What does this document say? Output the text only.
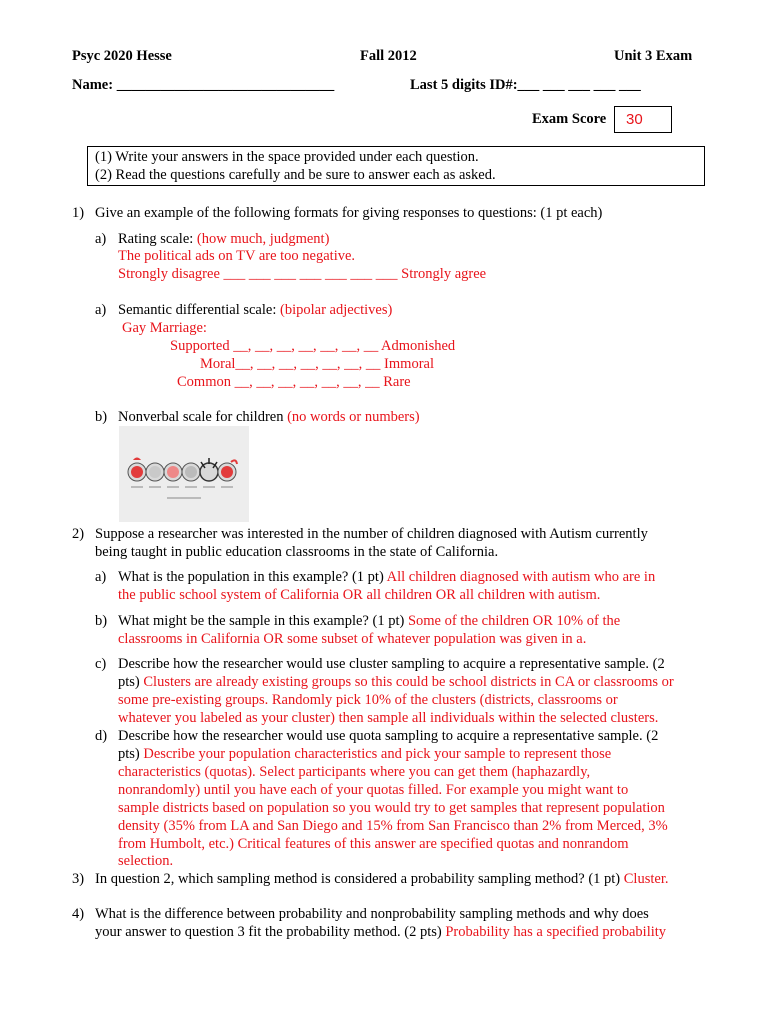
Psyc 2020 Hesse	Fall 2012	Unit 3 Exam
Name: ______________________________	Last 5 digits ID#:___ ___ ___ ___ ___
Exam Score 30
(1) Write your answers in the space provided under each question.
(2) Read the questions carefully and be sure to answer each as asked.
1) Give an example of the following formats for giving responses to questions: (1 pt each)
a) Rating scale: (how much, judgment)
The political ads on TV are too negative.
Strongly disagree ___ ___ ___ ___ ___ ___ ___ Strongly agree
a) Semantic differential scale: (bipolar adjectives)
Gay Marriage:
Supported __, __, __, __, __, __, __ Admonished
Moral__, __, __, __, __, __, __ Immoral
Common __, __, __, __, __, __, __ Rare
b) Nonverbal scale for children (no words or numbers)
2) Suppose a researcher was interested in the number of children diagnosed with Autism currently
being taught in public education classrooms in the state of California.
a) What is the population in this example? (1 pt) All children diagnosed with autism who are in
the public school system of California OR all children OR all children with autism.
b) What might be the sample in this example? (1 pt) Some of the children OR 10% of the
classrooms in California OR some subset of whatever population was given in a.
c) Describe how the researcher would use cluster sampling to acquire a representative sample. (2
pts) Clusters are already existing groups so this could be school districts in CA or classrooms or
some pre-existing groups. Randomly pick 10% of the clusters (districts, classrooms or
whatever you labeled as your cluster) then sample all individuals within the selected clusters.
d) Describe how the researcher would use quota sampling to acquire a representative sample. (2
pts) Describe your population characteristics and pick your sample to represent those
characteristics (quotas). Select participants where you can get them (haphazardly,
nonrandomly) until you have each of your quotas filled. For example you might want to
sample districts based on population so you would try to get samples that represent population
density (35% from LA and San Diego and 15% from San Francisco than 2% from Merced, 3%
from Humbolt, etc.) Critical features of this answer are specified quotas and nonrandom
selection.
3) In question 2, which sampling method is considered a probability sampling method? (1 pt) Cluster.
4) What is the difference between probability and nonprobability sampling methods and why does
your answer to question 3 fit the probability method. (2 pts) Probability has a specified probability
